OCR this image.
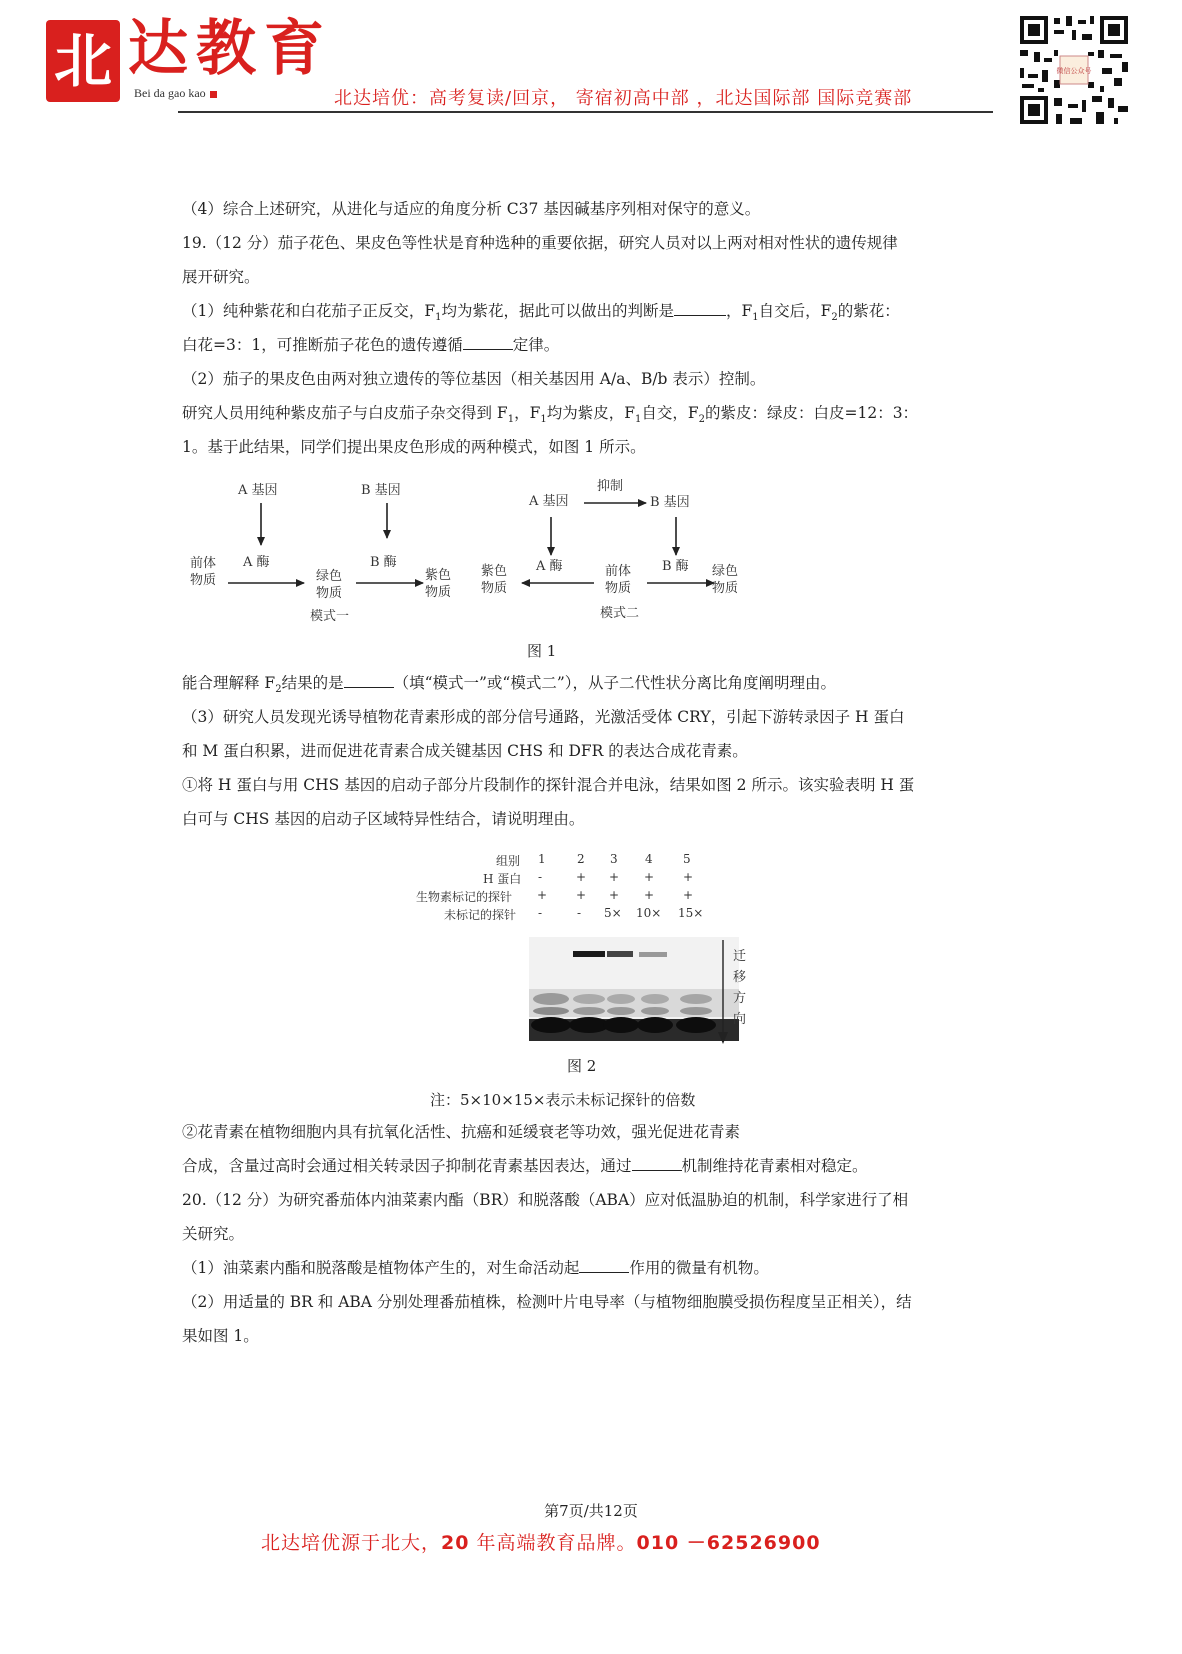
北 达教育
Bei da gao kao	北达培优：高考复读/回京， 寄宿初高中部 ，北达国际部 国际竞赛部
微信公众号
（4）综合上述研究，从进化与适应的角度分析 C37 基因碱基序列相对保守的意义。
19.（12 分）茄子花色、果皮色等性状是育种选种的重要依据，研究人员对以上两对相对性状的遗传规律
展开研究。
（1）纯种紫花和白花茄子正反交，$F_1$均为紫花，据此可以做出的判断是	，$F_1$自交后，$F_2$的紫花：
白花=3：1，可推断茄子花色的遗传遵循	定律。
（2）茄子的果皮色由两对独立遗传的等位基因（相关基因用 A/a、B/b 表示）控制。
研究人员用纯种紫皮茄子与白皮茄子杂交得到 $F_1$，$F_1$均为紫皮，$F_1$自交，$F_2$的紫皮：绿皮：白皮=12：3：
1。基于此结果，同学们提出果皮色形成的两种模式，如图 1 所示。
A 基因	B 基因
前体
物质
A 酶	B 酶
绿色
物质
紫色
物质
模式一
A 基因
抑制
B 基因
紫色
物质
A 酶	前体
物质
B 酶 绿色
物质
模式二
图 1
能合理解释 $F_2$结果的是	（填“模式一”或“模式二”），从子二代性状分离比角度阐明理由。
（3）研究人员发现光诱导植物花青素形成的部分信号通路，光激活受体 CRY，引起下游转录因子 H 蛋白
和 M 蛋白积累，进而促进花青素合成关键基因 CHS 和 DFR 的表达合成花青素。
①将 H 蛋白与用 CHS 基因的启动子部分片段制作的探针混合并电泳，结果如图 2 所示。该实验表明 H 蛋
白可与 CHS 基因的启动子区域特异性结合，请说明理由。
组别 1	2 3 4	5
H 蛋白 -	+ + + +
生物素标记的探针 + + + + +
未标记的探针 -	- 5× 10× 15×
迁
移
方
向
图 2
注：5×10×15×表示未标记探针的倍数
②花青素在植物细胞内具有抗氧化活性、抗癌和延缓衰老等功效，强光促进花青素
合成，含量过高时会通过相关转录因子抑制花青素基因表达，通过	机制维持花青素相对稳定。
20.（12 分）为研究番茄体内油菜素内酯（BR）和脱落酸（ABA）应对低温胁迫的机制，科学家进行了相
关研究。
（1）油菜素内酯和脱落酸是植物体产生的，对生命活动起	作用的微量有机物。
（2）用适量的 BR 和 ABA 分别处理番茄植株，检测叶片电导率（与植物细胞膜受损伤程度呈正相关），结
果如图 1。
第7页/共12页
北达培优源于北大，20 年高端教育品牌。010 －62526900
